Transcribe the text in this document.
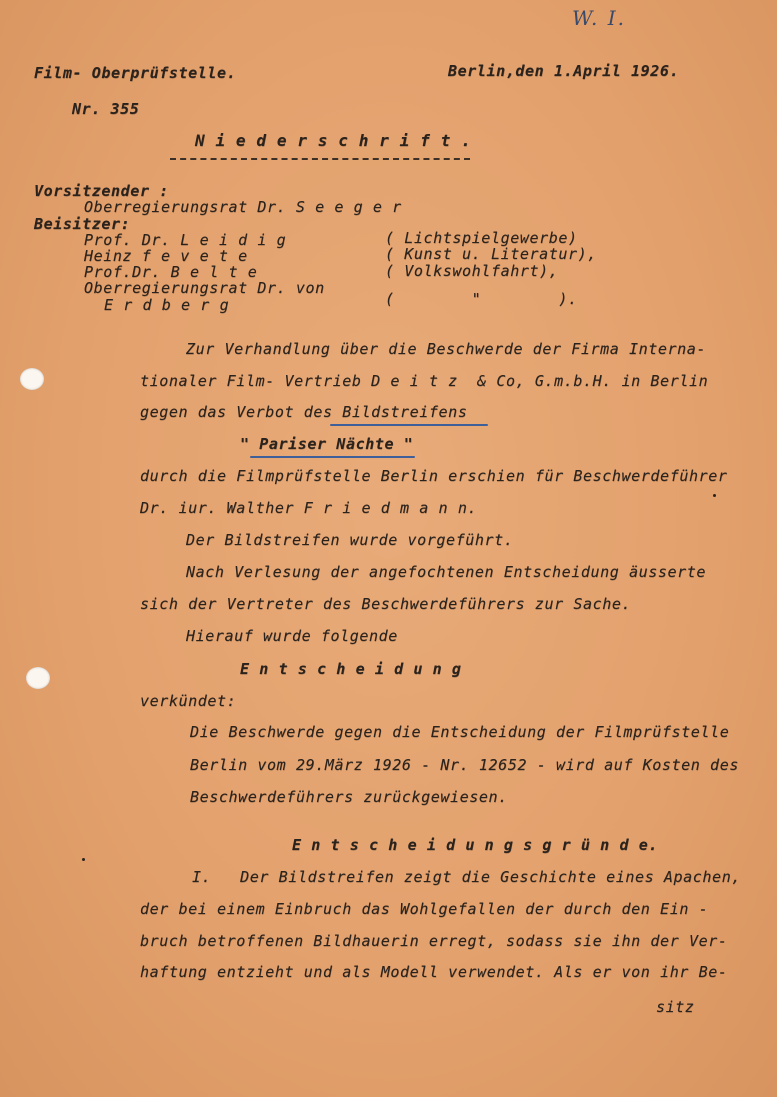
W. I.
Film- Oberprüfstelle.	Berlin,den 1.April 1926.
Nr. 355
N i e d e r s c h r i f t .
Vorsitzender :
Oberregierungsrat Dr. S e e g e r
Beisitzer:
Prof. Dr. L e i d i g	( Lichtspielgewerbe)
Heinz f e v e t e	( Kunst u. Literatur),
Prof.Dr. B e l t e	( Volkswohlfahrt),
Oberregierungsrat Dr. von
E r d b e r g	(        "        ).
Zur Verhandlung über die Beschwerde der Firma Interna-
tionaler Film- Vertrieb D e i t z  & Co, G.m.b.H. in Berlin
gegen das Verbot des Bildstreifens
" Pariser Nächte "
durch die Filmprüfstelle Berlin erschien für Beschwerdeführer
Dr. iur. Walther F r i e d m a n n.
Der Bildstreifen wurde vorgeführt.
Nach Verlesung der angefochtenen Entscheidung äusserte
sich der Vertreter des Beschwerdeführers zur Sache.
Hierauf wurde folgende
E n t s c h e i d u n g
verkündet:
Die Beschwerde gegen die Entscheidung der Filmprüfstelle
Berlin vom 29.März 1926 - Nr. 12652 - wird auf Kosten des
Beschwerdeführers zurückgewiesen.
E n t s c h e i d u n g s g r ü n d e.
I.   Der Bildstreifen zeigt die Geschichte eines Apachen,
der bei einem Einbruch das Wohlgefallen der durch den Ein -
bruch betroffenen Bildhauerin erregt, sodass sie ihn der Ver-
haftung entzieht und als Modell verwendet. Als er von ihr Be-
sitz
